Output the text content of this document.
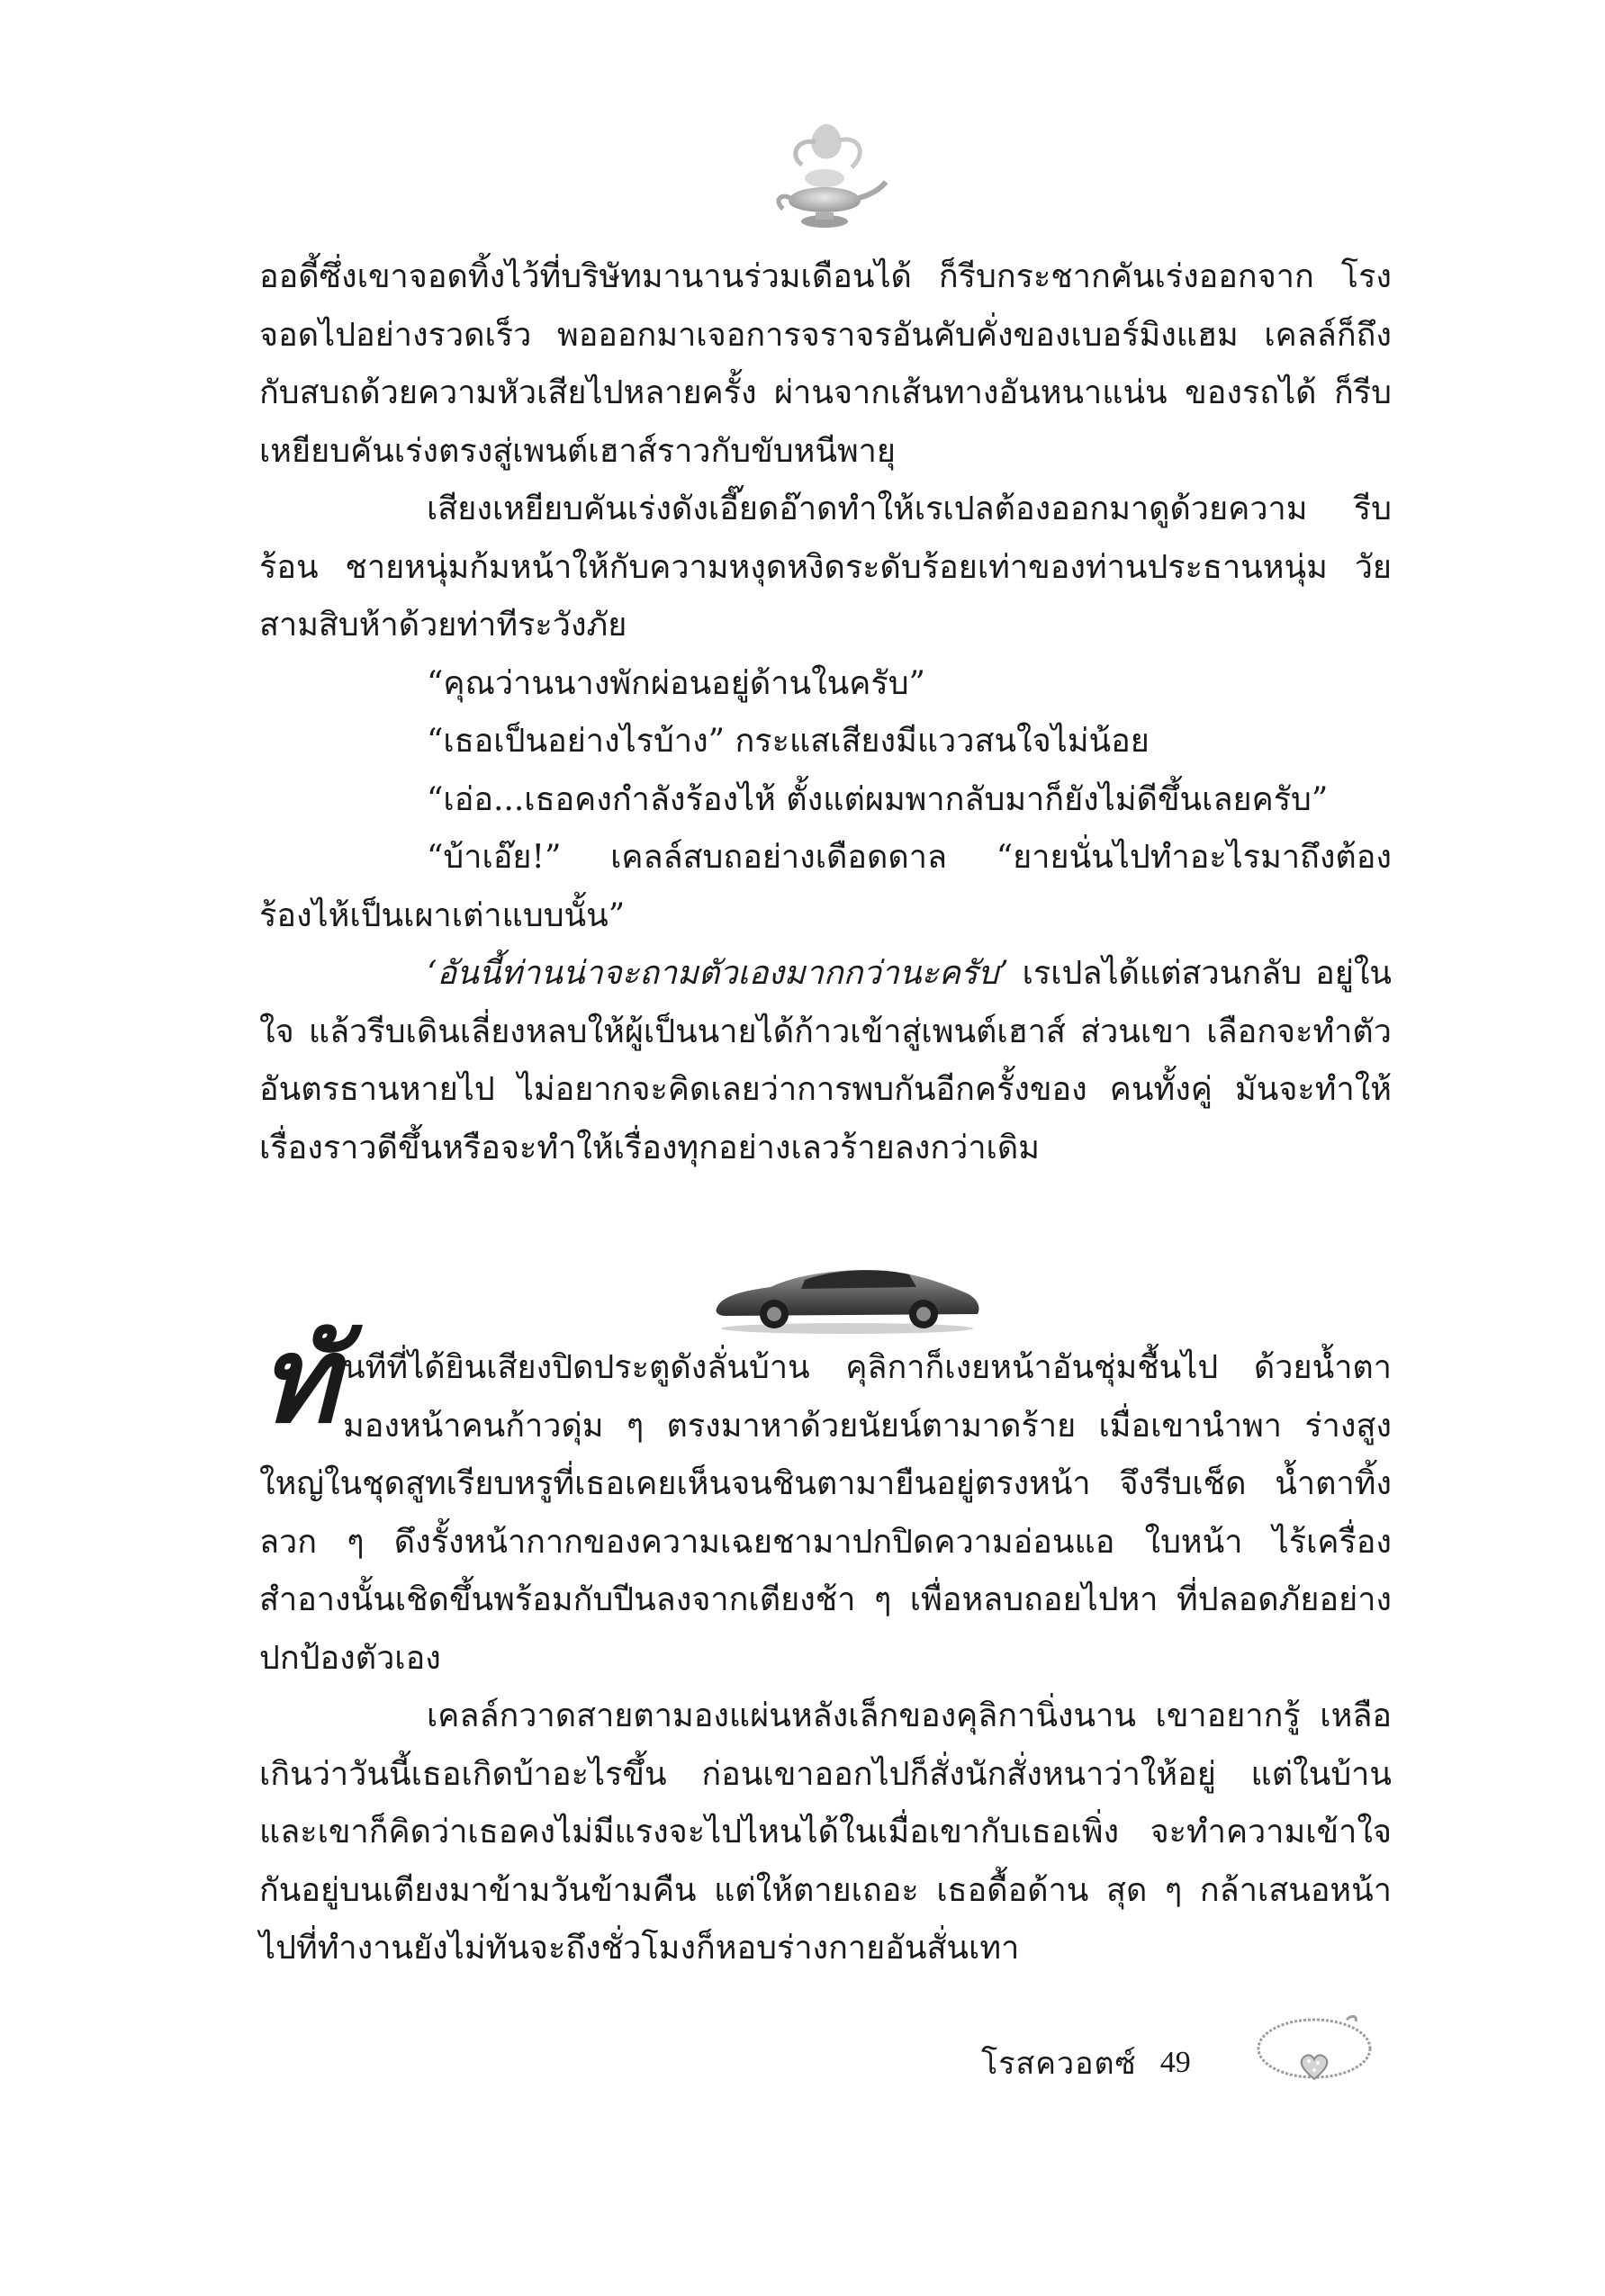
ออดี้ซึ่งเขาจอดทิ้งไว้ที่บริษัทมานานร่วมเดือนได้ ก็รีบกระชากคันเร่งออกจาก โรงจอดไปอย่างรวดเร็ว พอออกมาเจอการจราจรอันคับคั่งของเบอร์มิงแฮม เคลล์ก็ถึงกับสบถด้วยความหัวเสียไปหลายครั้ง ผ่านจากเส้นทางอันหนาแน่น ของรถได้ ก็รีบเหยียบคันเร่งตรงสู่เพนต์เฮาส์ราวกับขับหนีพายุ

เสียงเหยียบคันเร่งดังเอี๊ยดอ๊าดทำให้เรเปลต้องออกมาดูด้วยความ รีบร้อน ชายหนุ่มก้มหน้าให้กับความหงุดหงิดระดับร้อยเท่าของท่านประธานหนุ่ม วัยสามสิบห้าด้วยท่าทีระวังภัย

“คุณว่านนางพักผ่อนอยู่ด้านในครับ”

“เธอเป็นอย่างไรบ้าง” กระแสเสียงมีแววสนใจไม่น้อย

“เอ่อ...เธอคงกำลังร้องไห้ ตั้งแต่ผมพากลับมาก็ยังไม่ดีขึ้นเลยครับ”

“บ้าเอ๊ย!” เคลล์สบถอย่างเดือดดาล “ยายนั่นไปทำอะไรมาถึงต้อง ร้องไห้เป็นเผาเต่าแบบนั้น”

‘อันนี้ท่านน่าจะถามตัวเองมากกว่านะครับ’ เรเปลได้แต่สวนกลับ อยู่ในใจ แล้วรีบเดินเลี่ยงหลบให้ผู้เป็นนายได้ก้าวเข้าสู่เพนต์เฮาส์ ส่วนเขา เลือกจะทำตัวอันตรธานหายไป ไม่อยากจะคิดเลยว่าการพบกันอีกครั้งของ คนทั้งคู่ มันจะทำให้เรื่องราวดีขึ้นหรือจะทำให้เรื่องทุกอย่างเลวร้ายลงกว่าเดิม

ทันทีที่ได้ยินเสียงปิดประตูดังลั่นบ้าน คุลิกาก็เงยหน้าอันชุ่มชื้นไป ด้วยน้ำตามองหน้าคนก้าวดุ่ม ๆ ตรงมาหาด้วยนัยน์ตามาดร้าย เมื่อเขานำพา ร่างสูงใหญ่ในชุดสูทเรียบหรูที่เธอเคยเห็นจนชินตามายืนอยู่ตรงหน้า จึงรีบเช็ด น้ำตาทิ้งลวก ๆ ดึงรั้งหน้ากากของความเฉยชามาปกปิดความอ่อนแอ ใบหน้า ไร้เครื่องสำอางนั้นเชิดขึ้นพร้อมกับปีนลงจากเตียงช้า ๆ เพื่อหลบถอยไปหา ที่ปลอดภัยอย่างปกป้องตัวเอง

เคลล์กวาดสายตามองแผ่นหลังเล็กของคุลิกานิ่งนาน เขาอยากรู้ เหลือเกินว่าวันนี้เธอเกิดบ้าอะไรขึ้น ก่อนเขาออกไปก็สั่งนักสั่งหนาว่าให้อยู่ แต่ในบ้าน และเขาก็คิดว่าเธอคงไม่มีแรงจะไปไหนได้ในเมื่อเขากับเธอเพิ่ง จะทำความเข้าใจกันอยู่บนเตียงมาข้ามวันข้ามคืน แต่ให้ตายเถอะ เธอดื้อด้าน สุด ๆ กล้าเสนอหน้าไปที่ทำงานยังไม่ทันจะถึงชั่วโมงก็หอบร่างกายอันสั่นเทา

โรสควอตซ์ 49
